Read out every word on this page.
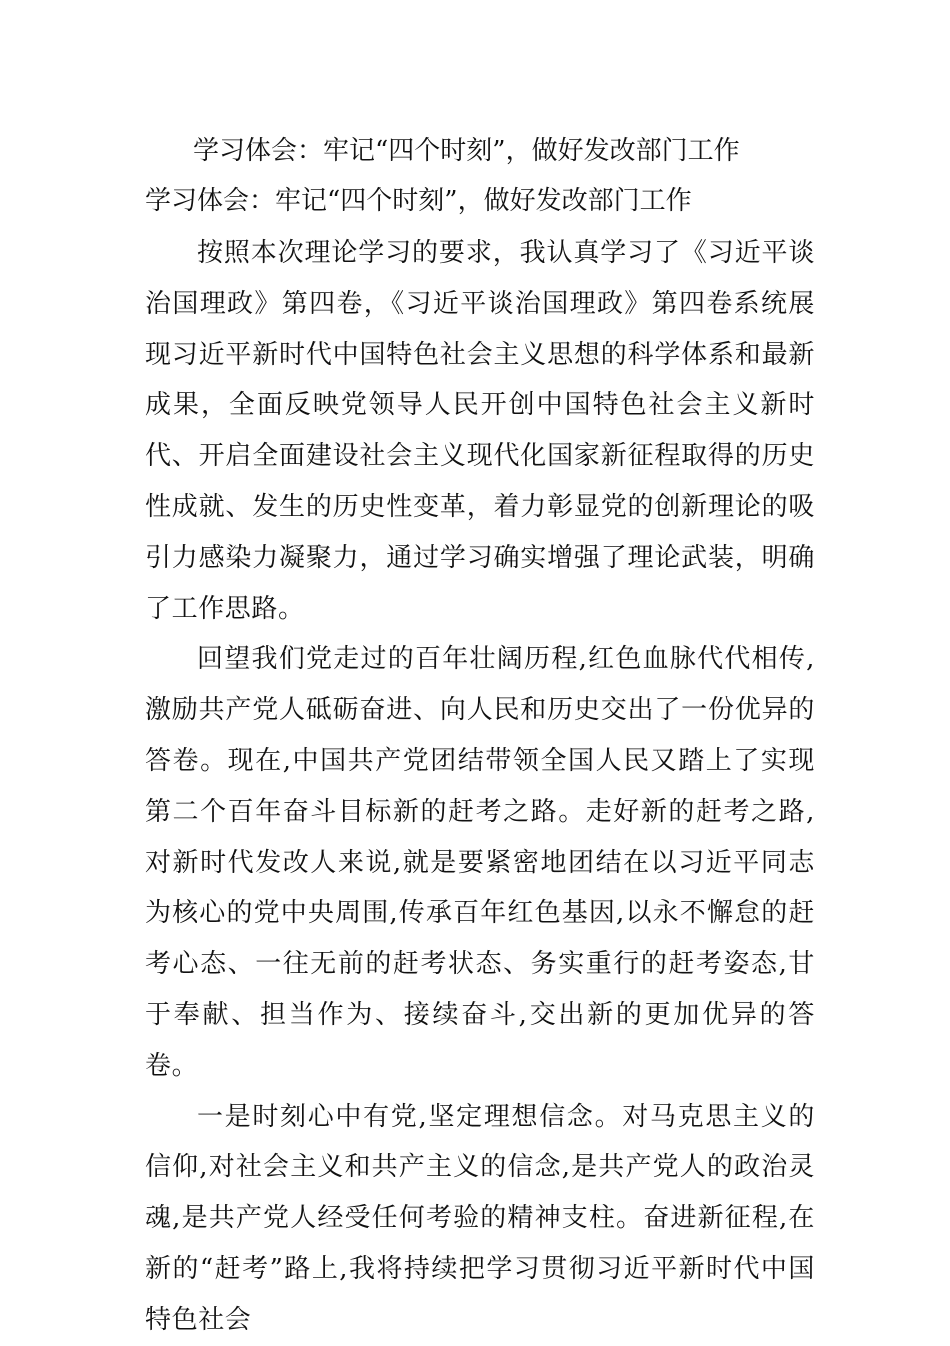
学习体会：牢记“四个时刻”，做好发改部门工作
学习体会：牢记“四个时刻”，做好发改部门工作

按照本次理论学习的要求，我认真学习了《习近平谈治国理政》第四卷，《习近平谈治国理政》第四卷系统展现习近平新时代中国特色社会主义思想的科学体系和最新成果，全面反映党领导人民开创中国特色社会主义新时代、开启全面建设社会主义现代化国家新征程取得的历史性成就、发生的历史性变革，着力彰显党的创新理论的吸引力感染力凝聚力，通过学习确实增强了理论武装，明确了工作思路。

回望我们党走过的百年壮阔历程,红色血脉代代相传,激励共产党人砥砺奋进、向人民和历史交出了一份优异的答卷。现在,中国共产党团结带领全国人民又踏上了实现第二个百年奋斗目标新的赶考之路。走好新的赶考之路,对新时代发改人来说,就是要紧密地团结在以习近平同志为核心的党中央周围,传承百年红色基因,以永不懈怠的赶考心态、一往无前的赶考状态、务实重行的赶考姿态,甘于奉献、担当作为、接续奋斗,交出新的更加优异的答卷。

一是时刻心中有党,坚定理想信念。对马克思主义的信仰,对社会主义和共产主义的信念,是共产党人的政治灵魂,是共产党人经受任何考验的精神支柱。奋进新征程,在新的“赶考”路上,我将持续把学习贯彻习近平新时代中国特色社会
